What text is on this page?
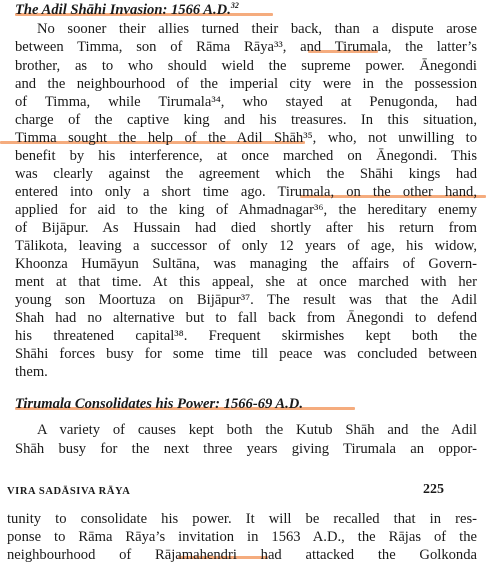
The Adil Shāhi Invasion: 1566 A.D.$^{32}$
No sooner their allies turned their back, than a dispute arose
between Timma, son of Rāma Rāya³³, and Tirumala, the latter’s
brother, as to who should wield the supreme power. Ānegondi
and the neighbourhood of the imperial city were in the possession
of Timma, while Tirumala³⁴, who stayed at Penugonda, had
charge of the captive king and his treasures. In this situation,
Timma sought the help of the Adil Shāh³⁵, who, not unwilling to
benefit by his interference, at once marched on Ānegondi. This
was clearly against the agreement which the Shāhi kings had
entered into only a short time ago. Tirumala, on the other hand,
applied for aid to the king of Ahmadnagar³⁶, the hereditary enemy
of Bijāpur. As Hussain had died shortly after his return from
Tālikota, leaving a successor of only 12 years of age, his widow,
Khoonza Humāyun Sultāna, was managing the affairs of Govern-
ment at that time. At this appeal, she at once marched with her
young son Moortuza on Bijāpur³⁷. The result was that the Adil
Shah had no alternative but to fall back from Ānegondi to defend
his threatened capital³⁸. Frequent skirmishes kept both the
Shāhi forces busy for some time till peace was concluded between
them.
Tirumala Consolidates his Power: 1566-69 A.D.
A variety of causes kept both the Kutub Shāh and the Adil
Shāh busy for the next three years giving Tirumala an oppor-
VIRA SADĀSIVA RĀYA	225
tunity to consolidate his power. It will be recalled that in res-
ponse to Rāma Rāya’s invitation in 1563 A.D., the Rājas of the
neighbourhood of Rājamahendri had attacked the Golkonda
